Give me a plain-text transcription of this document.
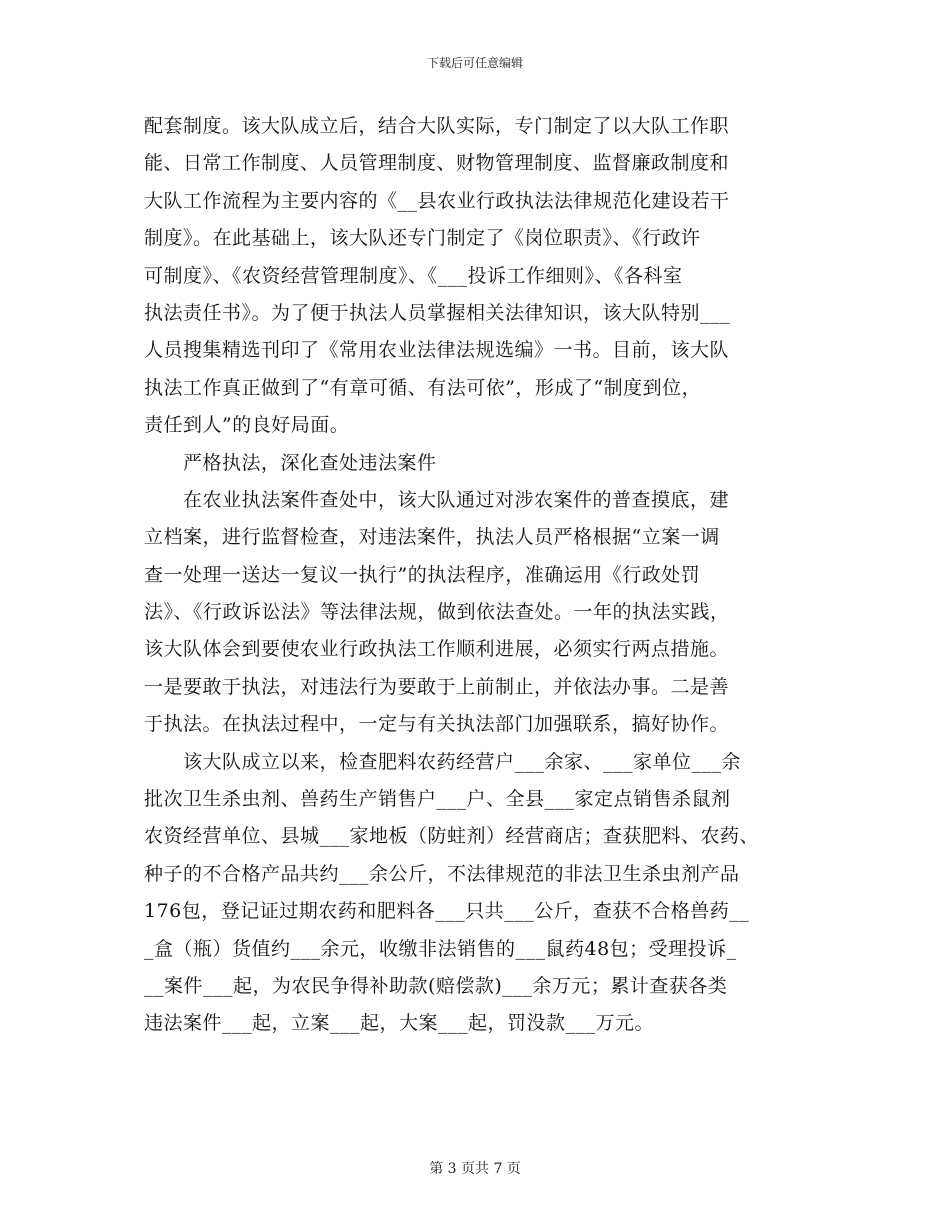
下载后可任意编辑
配套制度。该大队成立后，结合大队实际，专门制定了以大队工作职
能、日常工作制度、人员管理制度、财物管理制度、监督廉政制度和
大队工作流程为主要内容的《__县农业行政执法法律规范化建设若干
制度》。在此基础上，该大队还专门制定了《岗位职责》、《行政许
可制度》、《农资经营管理制度》、《___投诉工作细则》、《各科室
执法责任书》。为了便于执法人员掌握相关法律知识，该大队特别___
人员搜集精选刊印了《常用农业法律法规选编》一书。目前，该大队
执法工作真正做到了“有章可循、有法可依”，形成了“制度到位，
责任到人”的良好局面。
　　严格执法，深化查处违法案件
　　在农业执法案件查处中，该大队通过对涉农案件的普查摸底，建
立档案，进行监督检查，对违法案件，执法人员严格根据“立案一调
查一处理一送达一复议一执行”的执法程序，准确运用《行政处罚
法》、《行政诉讼法》等法律法规，做到依法查处。一年的执法实践，
该大队体会到要使农业行政执法工作顺利进展，必须实行两点措施。
一是要敢于执法，对违法行为要敢于上前制止，并依法办事。二是善
于执法。在执法过程中，一定与有关执法部门加强联系，搞好协作。
　　该大队成立以来，检查肥料农药经营户___余家、___家单位___余
批次卫生杀虫剂、兽药生产销售户___户、全县___家定点销售杀鼠剂
农资经营单位、县城___家地板（防蛀剂）经营商店；查获肥料、农药、
种子的不合格产品共约___余公斤，不法律规范的非法卫生杀虫剂产品
176包，登记证过期农药和肥料各___只共___公斤，查获不合格兽药__
_盒（瓶）货值约___余元，收缴非法销售的___鼠药48包；受理投诉_
__案件___起，为农民争得补助款(赔偿款)___余万元；累计查获各类
违法案件___起，立案___起，大案___起，罚没款___万元。
第 3 页共 7 页
